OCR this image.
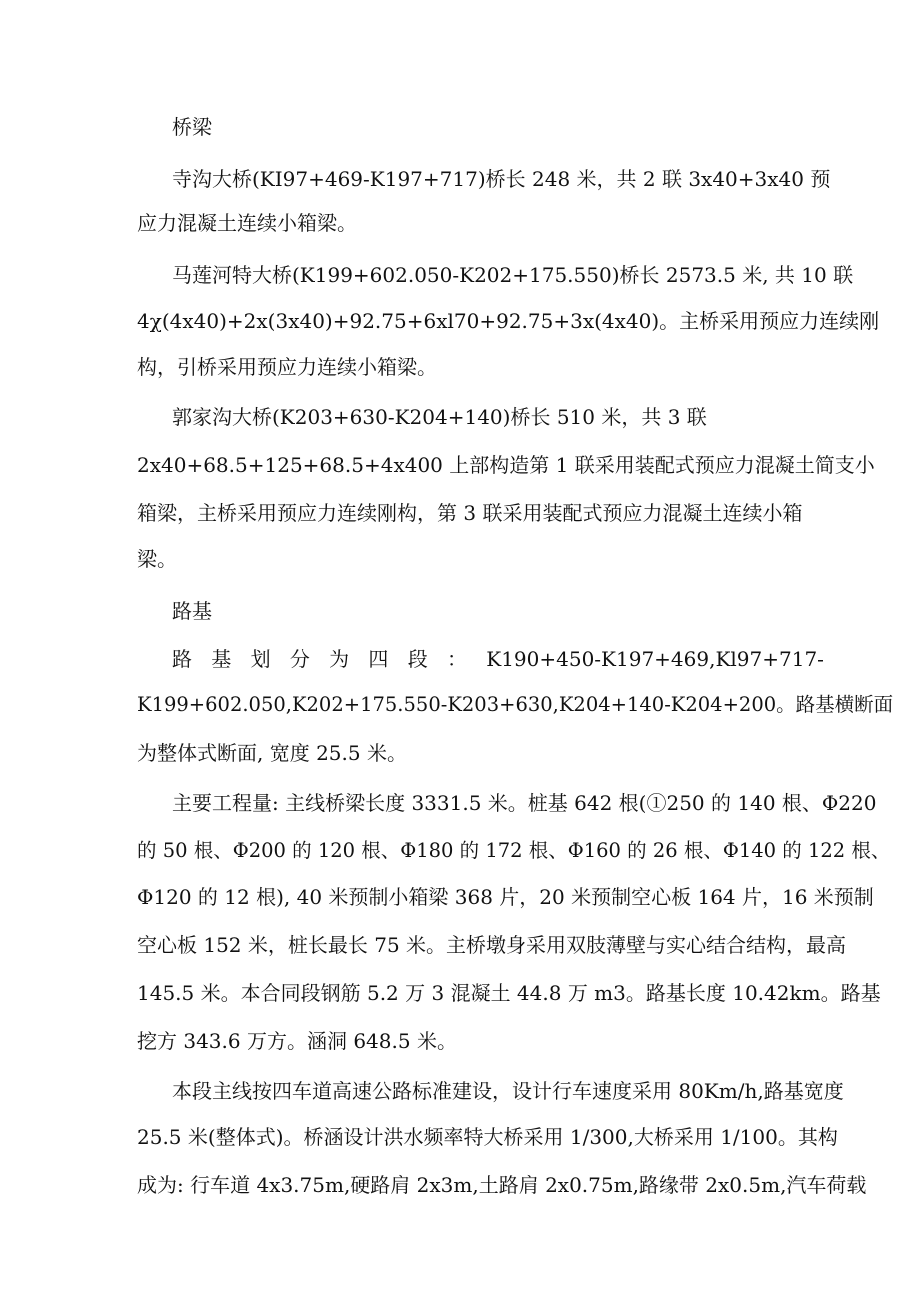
桥梁
寺沟大桥(KI97+469-K197+717)桥长 248 米，共 2 联 3x40+3x40 预
应力混凝土连续小箱梁。
马莲河特大桥(K199+602.050-K202+175.550)桥长 2573.5 米, 共 10 联
4χ(4x40)+2x(3x40)+92.75+6xl70+92.75+3x(4x40)。主桥采用预应力连续刚
构，引桥采用预应力连续小箱梁。
郭家沟大桥(K203+630-K204+140)桥长 510 米，共 3 联
2x40+68.5+125+68.5+4x400 上部构造第 1 联采用装配式预应力混凝土简支小
箱梁，主桥采用预应力连续刚构，第 3 联采用装配式预应力混凝土连续小箱
梁。
路基
路 基 划 分 为 四 段 ： K190+450-K197+469,Kl97+717-
K199+602.050,K202+175.550-K203+630,K204+140-K204+200。路基横断面
为整体式断面, 宽度 25.5 米。
主要工程量: 主线桥梁长度 3331.5 米。桩基 642 根(①250 的 140 根、Φ220
的 50 根、Φ200 的 120 根、Φ180 的 172 根、Φ160 的 26 根、Φ140 的 122 根、
Φ120 的 12 根), 40 米预制小箱梁 368 片，20 米预制空心板 164 片，16 米预制
空心板 152 米，桩长最长 75 米。主桥墩身采用双肢薄壁与实心结合结构，最高
145.5 米。本合同段钢筋 5.2 万 3 混凝土 44.8 万 m3。路基长度 10.42km。路基
挖方 343.6 万方。涵洞 648.5 米。
本段主线按四车道高速公路标准建设，设计行车速度采用 80Km∕h,路基宽度
25.5 米(整体式)。桥涵设计洪水频率特大桥采用 1/300,大桥采用 1/100。其构
成为: 行车道 4x3.75m,硬路肩 2x3m,土路肩 2x0.75m,路缘带 2x0.5m,汽车荷载
